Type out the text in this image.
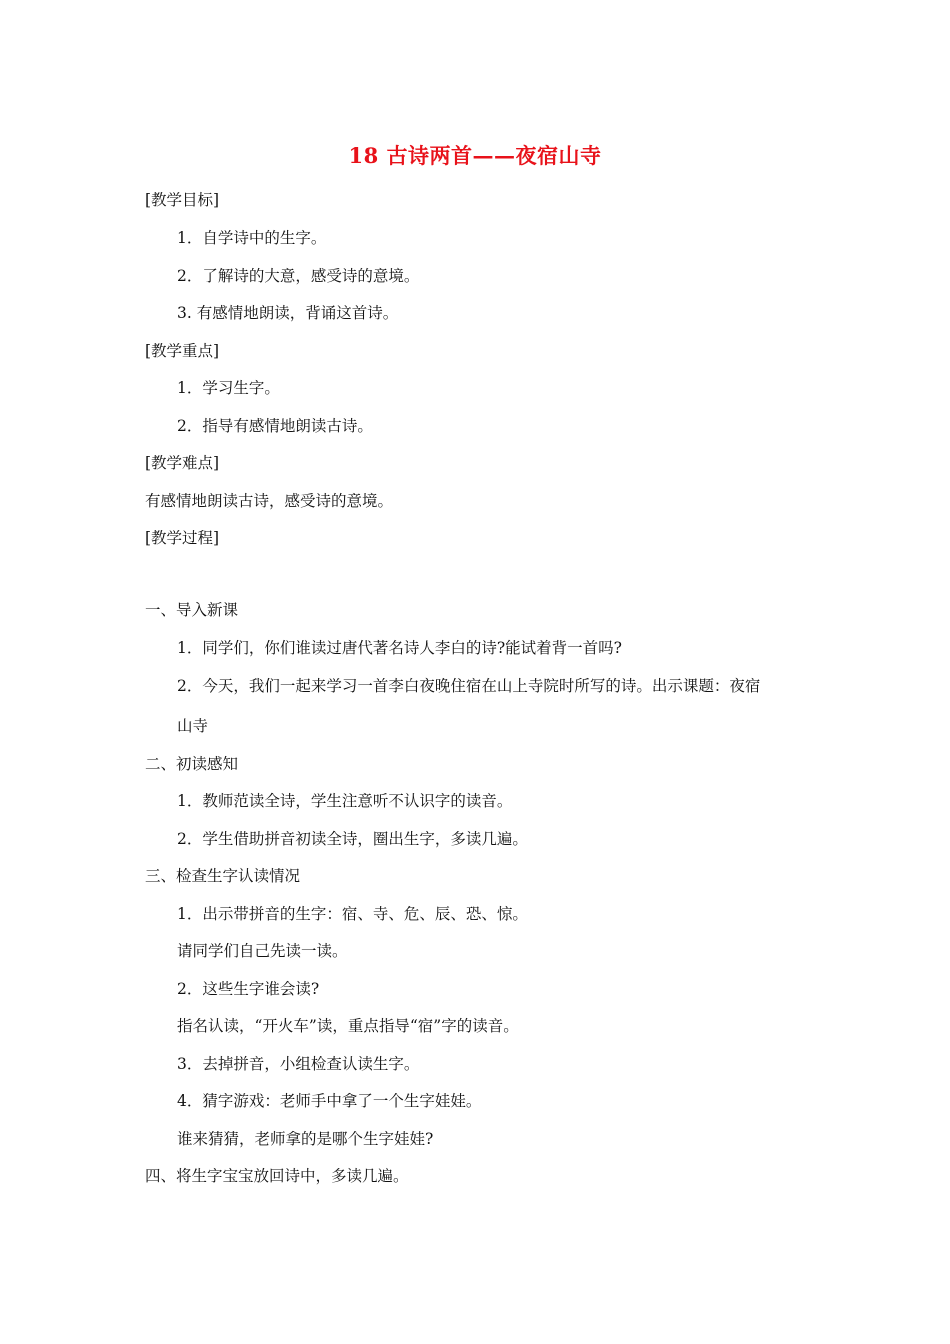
18 古诗两首——夜宿山寺
[教学目标]
1．自学诗中的生字。
2．了解诗的大意，感受诗的意境。
3. 有感情地朗读，背诵这首诗。
[教学重点]
1．学习生字。
2．指导有感情地朗读古诗。
[教学难点]
有感情地朗读古诗，感受诗的意境。
[教学过程]
一、导入新课
1．同学们，你们谁读过唐代著名诗人李白的诗?能试着背一首吗?
2．今天，我们一起来学习一首李白夜晚住宿在山上寺院时所写的诗。出示课题：夜宿
山寺
二、初读感知
1．教师范读全诗，学生注意听不认识字的读音。
2．学生借助拼音初读全诗，圈出生字，多读几遍。
三、检查生字认读情况
1．出示带拼音的生字：宿、寺、危、辰、恐、惊。
请同学们自己先读一读。
2．这些生字谁会读?
指名认读，“开火车”读，重点指导“宿”字的读音。
3．去掉拼音，小组检查认读生字。
4．猜字游戏：老师手中拿了一个生字娃娃。
谁来猜猜，老师拿的是哪个生字娃娃?
四、将生字宝宝放回诗中，多读几遍。
